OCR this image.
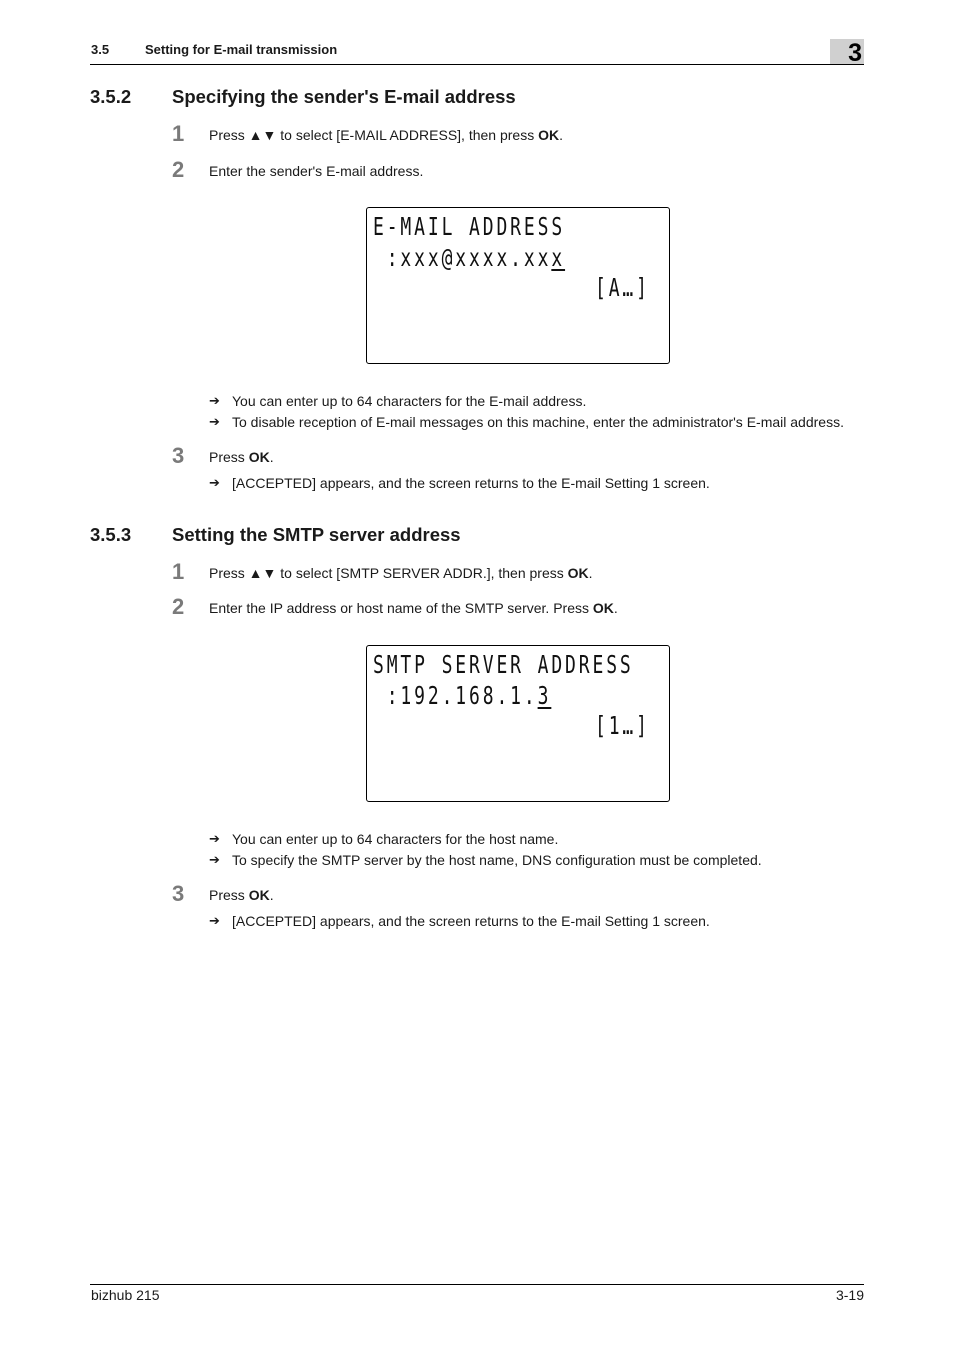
3.5	Setting for E-mail transmission	3
3.5.2 Specifying the sender's E-mail address
1 Press ▲▼ to select [E-MAIL ADDRESS], then press OK.
2 Enter the sender's E-mail address.
E-MAIL ADDRESS
:xxx@xxxx.xxx
[A…]
➔ You can enter up to 64 characters for the E-mail address.
➔ To disable reception of E-mail messages on this machine, enter the administrator's E-mail address.
3 Press OK.
➔ [ACCEPTED] appears, and the screen returns to the E-mail Setting 1 screen.
3.5.3 Setting the SMTP server address
1 Press ▲▼ to select [SMTP SERVER ADDR.], then press OK.
2 Enter the IP address or host name of the SMTP server. Press OK.
SMTP SERVER ADDRESS
:192.168.1.3
[1…]
➔ You can enter up to 64 characters for the host name.
➔ To specify the SMTP server by the host name, DNS configuration must be completed.
3 Press OK.
➔ [ACCEPTED] appears, and the screen returns to the E-mail Setting 1 screen.
bizhub 215	3-19
